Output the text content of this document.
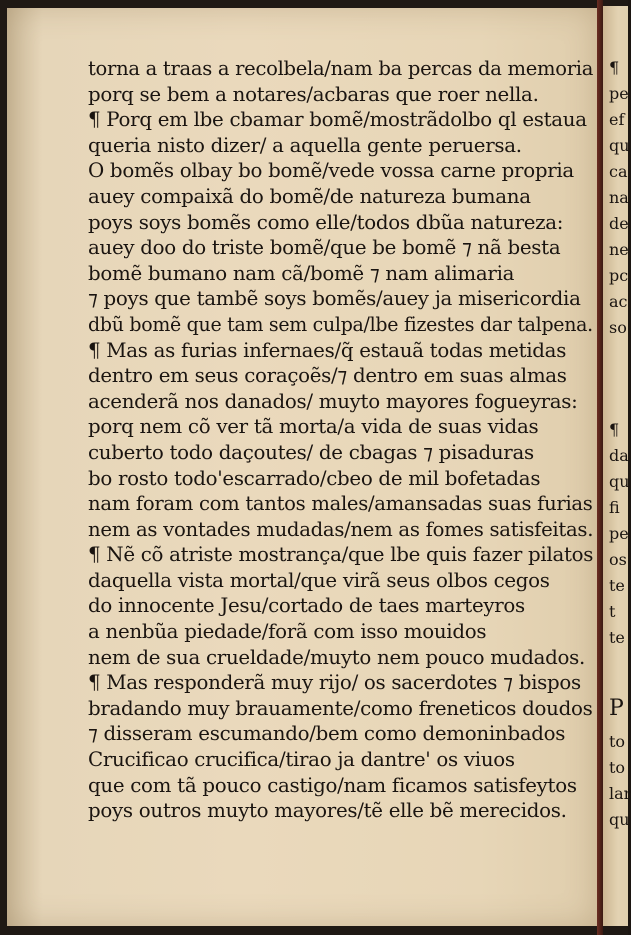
torna a traas a recolbela/nam ba percas da memoria
porq se bem a notares/acbaras que roer nella.
¶ Porq em lbe cbamar bomẽ/mostrãdolbo ql estaua
queria nisto dizer/ a aquella gente peruersa.
O bomẽs olbay bo bomẽ/vede vossa carne propria
auey compaixã do bomẽ/de natureza bumana
poys soys bomẽs como elle/todos dbũa natureza:
auey doo do triste bomẽ/que be bomẽ ⁊ nã besta
bomẽ bumano nam cã/bomẽ ⁊ nam alimaria
⁊ poys que tambẽ soys bomẽs/auey ja misericordia
dbũ bomẽ que tam sem culpa/lbe fizestes dar talpena.
¶ Mas as furias infernaes/q̃ estauã todas metidas
dentro em seus coraçoẽs/⁊ dentro em suas almas
acenderã nos danados/ muyto mayores fogueyras:
porq nem cõ ver tã morta/a vida de suas vidas
cuberto todo daçoutes/ de cbagas ⁊ pisaduras
bo rosto todo'escarrado/cbeo de mil bofetadas
nam foram com tantos males/amansadas suas furias
nem as vontades mudadas/nem as fomes satisfeitas.
¶ Nẽ cõ atriste mostrança/que lbe quis fazer pilatos
daquella vista mortal/que virã seus olbos cegos
do innocente Jesu/cortado de taes marteyros
a nenbũa piedade/forã com isso mouidos
nem de sua crueldade/muyto nem pouco mudados.
¶ Mas responderã muy rijo/ os sacerdotes ⁊ bispos
bradando muy brauamente/como freneticos doudos
⁊ disseram escumando/bem como demoninbados
Crucificao crucifica/tirao ja dantre' os viuos
que com tã pouco castigo/nam ficamos satisfeytos
poys outros muyto mayores/tẽ elle bẽ merecidos.
¶
pe
ef
qu
ca
na
de
ne
pc
ac
so
¶
da
qu
fi
pe
os
te
t
te
P
to
to
lar
qu
